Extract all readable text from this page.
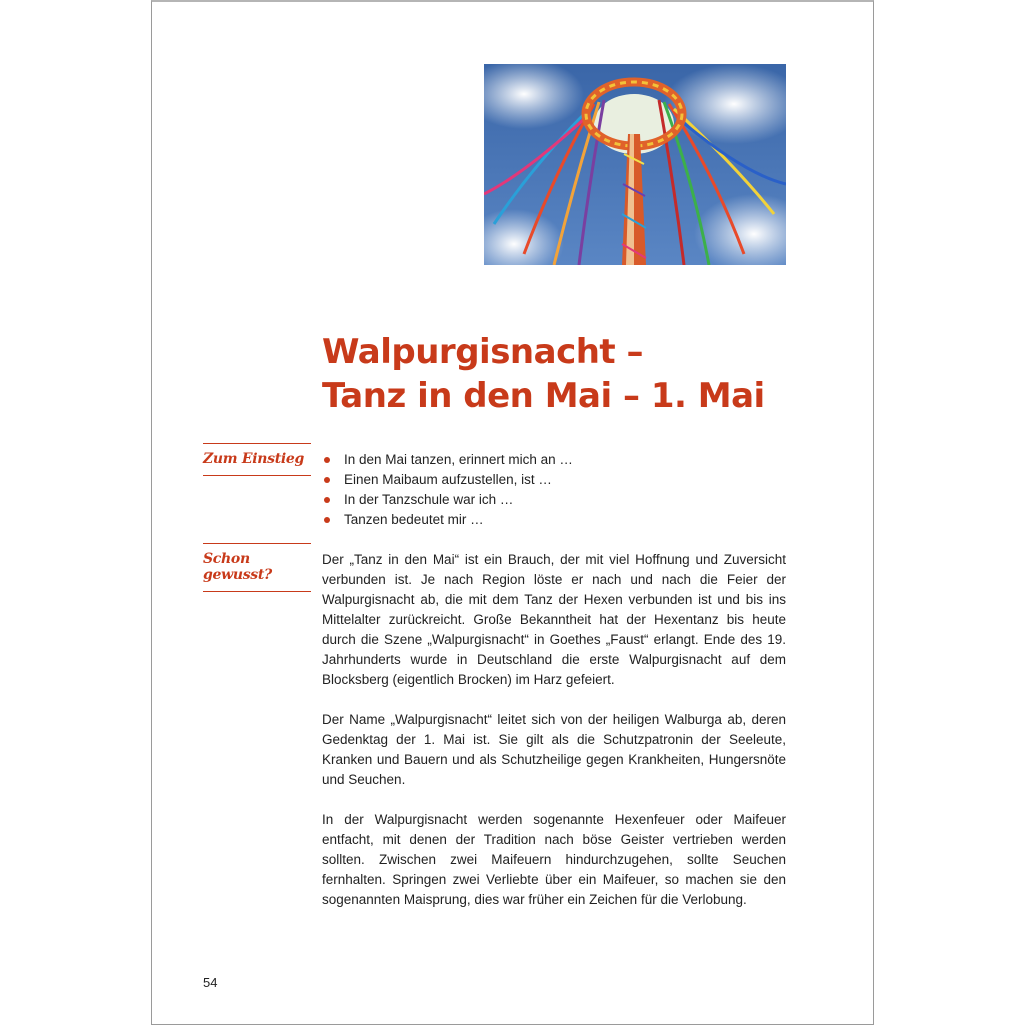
Walpurgisnacht –
Tanz in den Mai – 1. Mai
Zum Einstieg
Schon gewusst?
In den Mai tanzen, erinnert mich an …
Einen Maibaum aufzustellen, ist …
In der Tanzschule war ich …
Tanzen bedeutet mir …

Der „Tanz in den Mai“ ist ein Brauch, der mit viel Hoffnung und Zuversicht verbunden ist. Je nach Region löste er nach und nach die Feier der Walpurgisnacht ab, die mit dem Tanz der Hexen verbunden ist und bis ins Mittelalter zurückreicht. Große Bekanntheit hat der Hexentanz bis heute durch die Szene „Walpurgisnacht“ in Goethes „Faust“ erlangt. Ende des 19. Jahrhunderts wurde in Deutschland die erste Walpurgisnacht auf dem Blocksberg (eigentlich Brocken) im Harz gefeiert.

Der Name „Walpurgisnacht“ leitet sich von der heiligen Walburga ab, deren Gedenktag der 1. Mai ist. Sie gilt als die Schutzpatronin der Seeleute, Kranken und Bauern und als Schutzheilige gegen Krankheiten, Hungersnöte und Seuchen.

In der Walpurgisnacht werden sogenannte Hexenfeuer oder Maifeuer entfacht, mit denen der Tradition nach böse Geister vertrieben werden sollten. Zwischen zwei Maifeuern hindurchzugehen, sollte Seuchen fernhalten. Springen zwei Verliebte über ein Maifeuer, so machen sie den sogenannten Maisprung, dies war früher ein Zeichen für die Verlobung.

54
